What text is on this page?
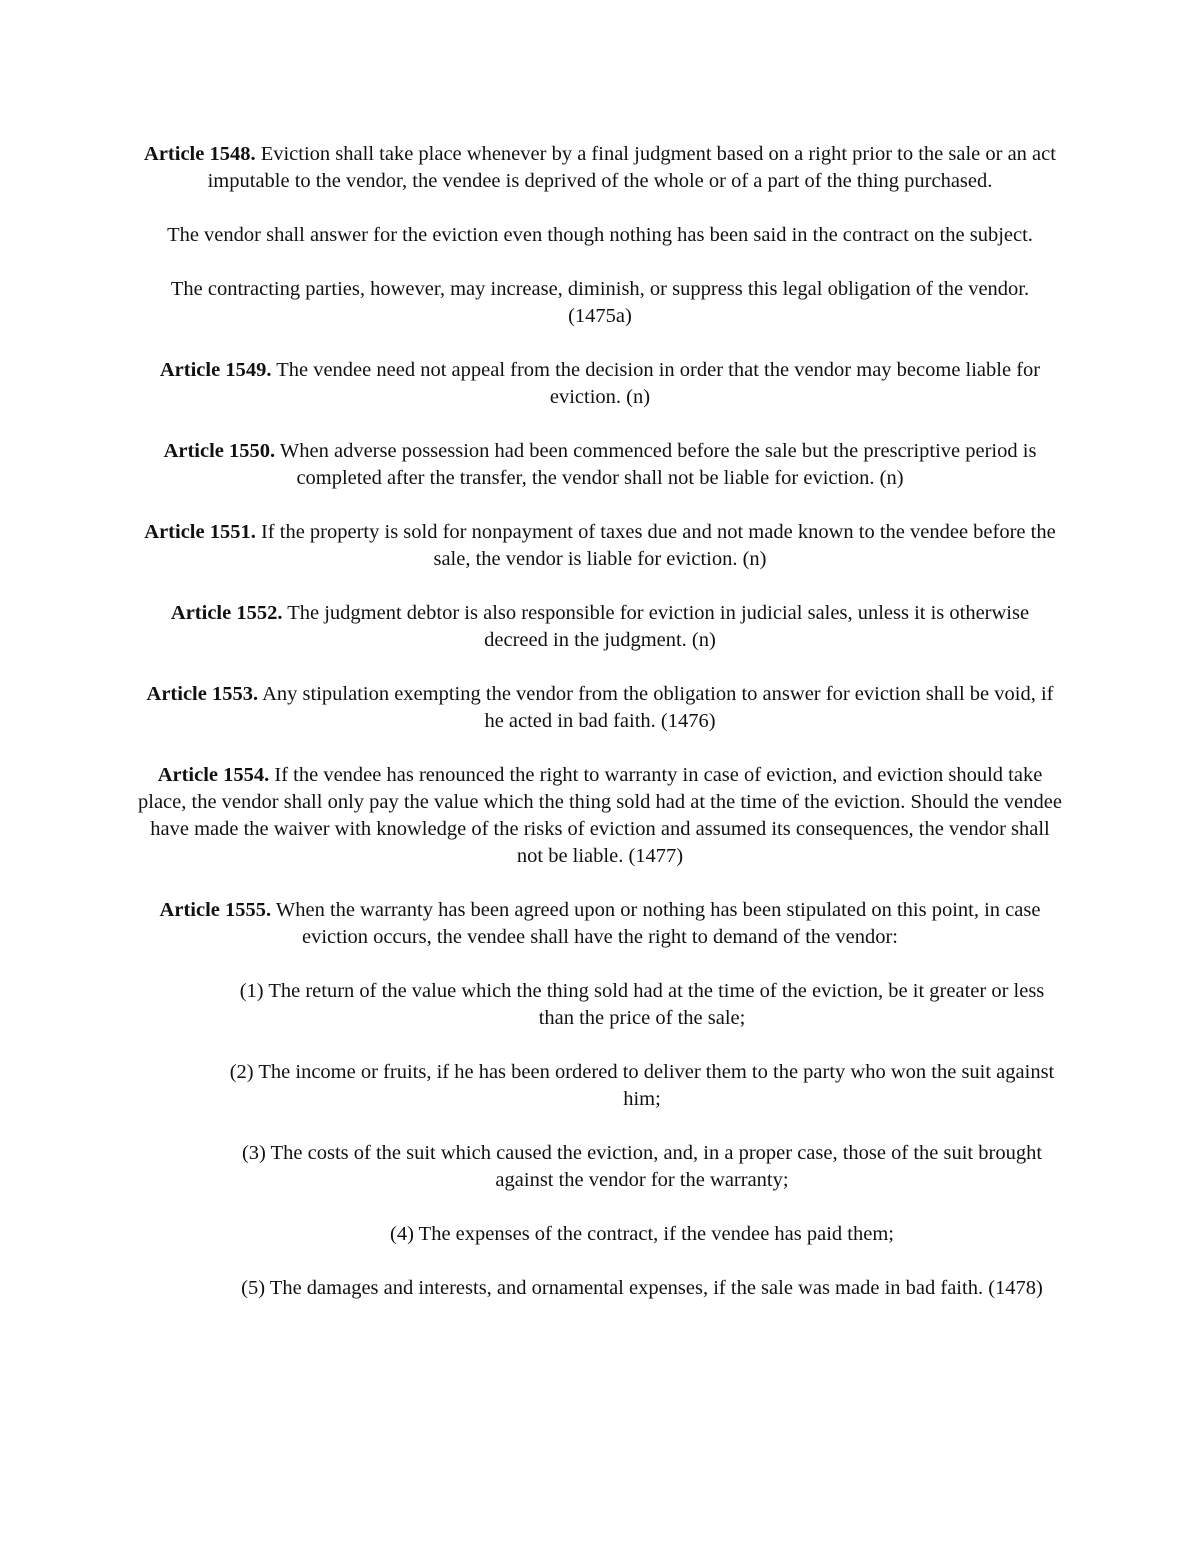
Article 1548. Eviction shall take place whenever by a final judgment based on a right prior to the sale or an act imputable to the vendor, the vendee is deprived of the whole or of a part of the thing purchased.

The vendor shall answer for the eviction even though nothing has been said in the contract on the subject.

The contracting parties, however, may increase, diminish, or suppress this legal obligation of the vendor. (1475a)

Article 1549. The vendee need not appeal from the decision in order that the vendor may become liable for eviction. (n)

Article 1550. When adverse possession had been commenced before the sale but the prescriptive period is completed after the transfer, the vendor shall not be liable for eviction. (n)

Article 1551. If the property is sold for nonpayment of taxes due and not made known to the vendee before the sale, the vendor is liable for eviction. (n)

Article 1552. The judgment debtor is also responsible for eviction in judicial sales, unless it is otherwise decreed in the judgment. (n)

Article 1553. Any stipulation exempting the vendor from the obligation to answer for eviction shall be void, if he acted in bad faith. (1476)

Article 1554. If the vendee has renounced the right to warranty in case of eviction, and eviction should take place, the vendor shall only pay the value which the thing sold had at the time of the eviction. Should the vendee have made the waiver with knowledge of the risks of eviction and assumed its consequences, the vendor shall not be liable. (1477)

Article 1555. When the warranty has been agreed upon or nothing has been stipulated on this point, in case eviction occurs, the vendee shall have the right to demand of the vendor:

(1) The return of the value which the thing sold had at the time of the eviction, be it greater or less than the price of the sale;

(2) The income or fruits, if he has been ordered to deliver them to the party who won the suit against him;

(3) The costs of the suit which caused the eviction, and, in a proper case, those of the suit brought against the vendor for the warranty;

(4) The expenses of the contract, if the vendee has paid them;

(5) The damages and interests, and ornamental expenses, if the sale was made in bad faith. (1478)
